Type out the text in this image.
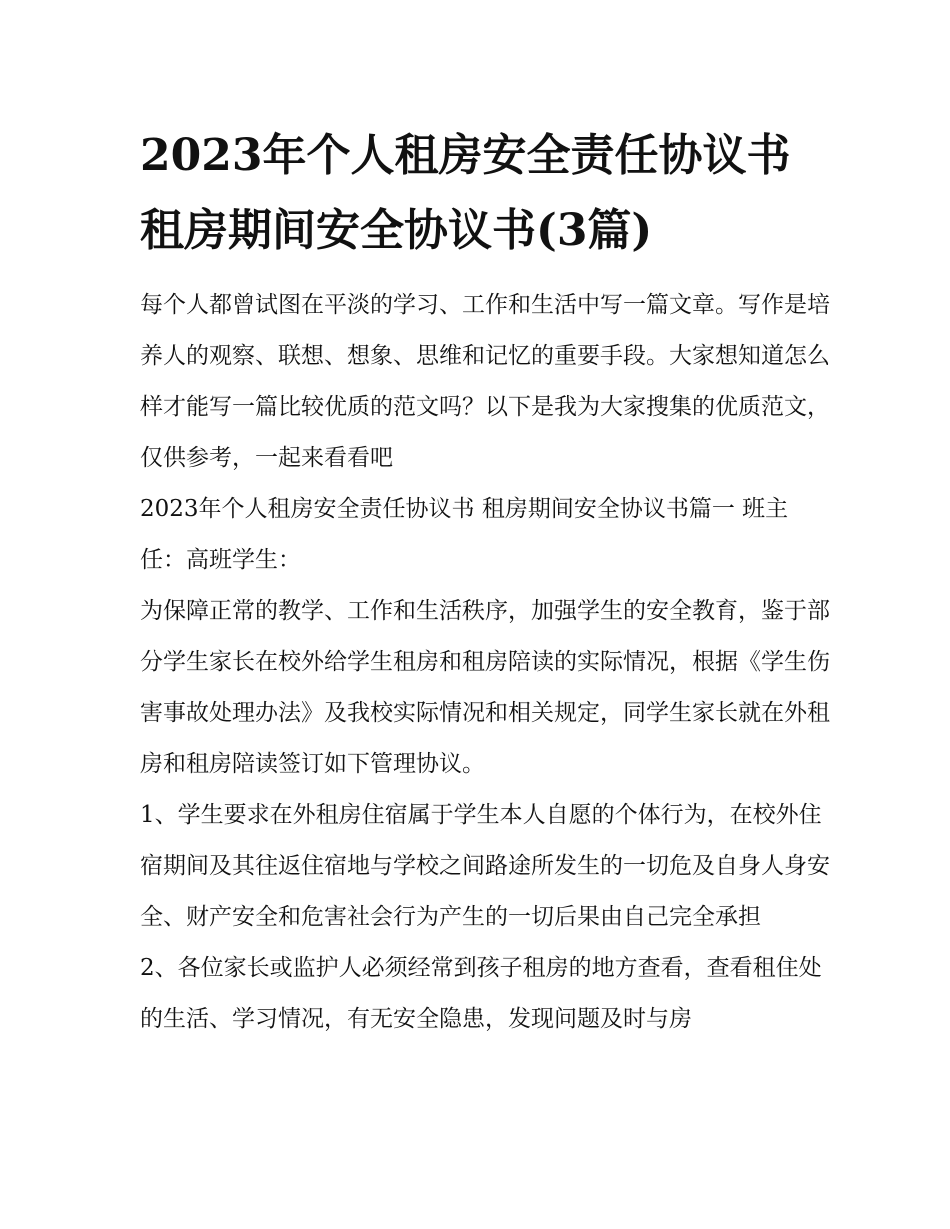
2023年个人租房安全责任协议书 租房期间安全协议书(3篇)

每个人都曾试图在平淡的学习、工作和生活中写一篇文章。写作是培养人的观察、联想、想象、思维和记忆的重要手段。大家想知道怎么样才能写一篇比较优质的范文吗？以下是我为大家搜集的优质范文，仅供参考，一起来看看吧

2023年个人租房安全责任协议书 租房期间安全协议书篇一 班主任：高班学生：

为保障正常的教学、工作和生活秩序，加强学生的安全教育，鉴于部分学生家长在校外给学生租房和租房陪读的实际情况，根据《学生伤害事故处理办法》及我校实际情况和相关规定，同学生家长就在外租房和租房陪读签订如下管理协议。

1、学生要求在外租房住宿属于学生本人自愿的个体行为，在校外住宿期间及其往返住宿地与学校之间路途所发生的一切危及自身人身安全、财产安全和危害社会行为产生的一切后果由自己完全承担

2、各位家长或监护人必须经常到孩子租房的地方查看，查看租住处的生活、学习情况，有无安全隐患，发现问题及时与房
